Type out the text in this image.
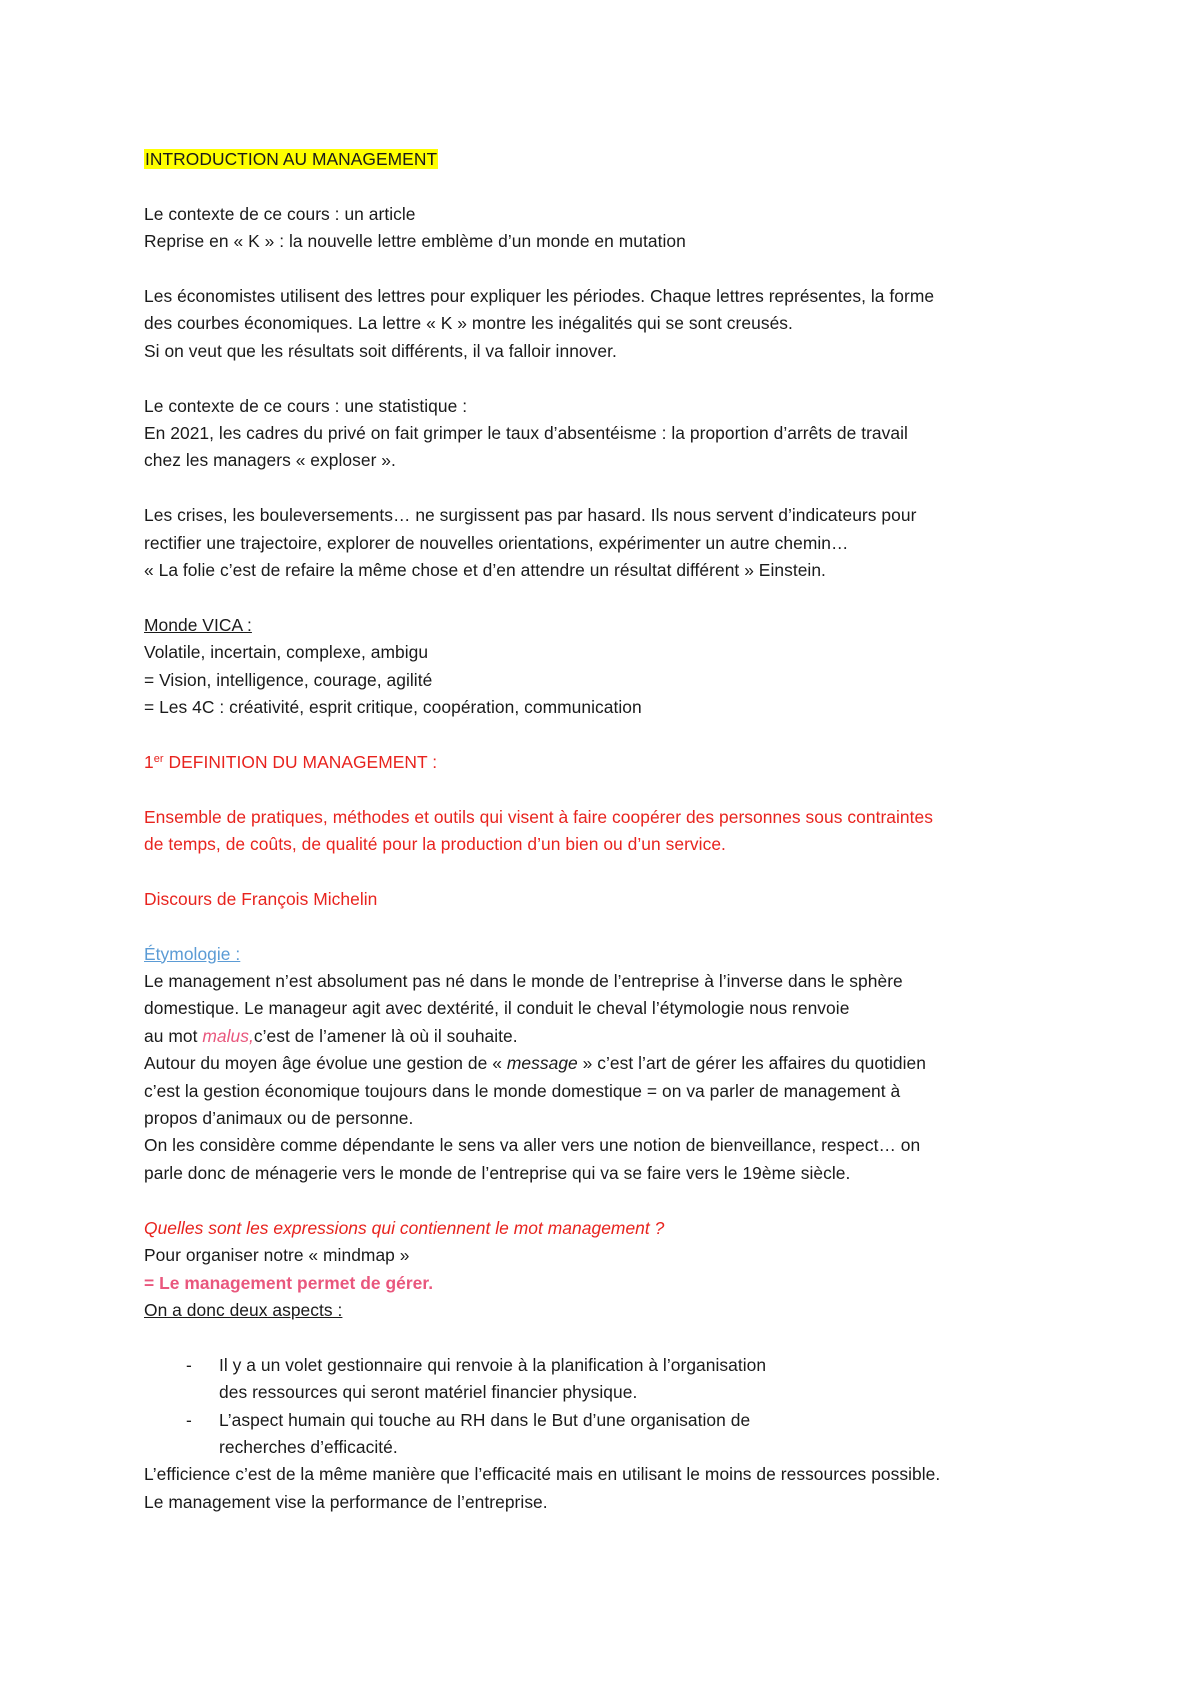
INTRODUCTION AU MANAGEMENT

Le contexte de ce cours : un article

Reprise en « K » : la nouvelle lettre emblème d’un monde en mutation

Les économistes utilisent des lettres pour expliquer les périodes. Chaque lettres représentes, la forme

des courbes économiques. La lettre « K » montre les inégalités qui se sont creusés.

Si on veut que les résultats soit différents, il va falloir innover.

Le contexte de ce cours : une statistique :

En 2021, les cadres du privé on fait grimper le taux d’absentéisme : la proportion d’arrêts de travail

chez les managers « exploser ».

Les crises, les bouleversements… ne surgissent pas par hasard. Ils nous servent d’indicateurs pour

rectifier une trajectoire, explorer de nouvelles orientations, expérimenter un autre chemin…

« La folie c’est de refaire la même chose et d’en attendre un résultat différent » Einstein.

Monde VICA :

Volatile, incertain, complexe, ambigu

= Vision, intelligence, courage, agilité

= Les 4C : créativité, esprit critique, coopération, communication

1er DEFINITION DU MANAGEMENT :

Ensemble de pratiques, méthodes et outils qui visent à faire coopérer des personnes sous contraintes

de temps, de coûts, de qualité pour la production d’un bien ou d’un service.

Discours de François Michelin

Étymologie :

Le management n’est absolument pas né dans le monde de l’entreprise à l’inverse dans le sphère

domestique. Le manageur agit avec dextérité, il conduit le cheval l’étymologie nous renvoie

au mot malus,c’est de l’amener là où il souhaite.

Autour du moyen âge évolue une gestion de « message » c’est l’art de gérer les affaires du quotidien

c’est la gestion économique toujours dans le monde domestique = on va parler de management à

propos d’animaux ou de personne.

On les considère comme dépendante le sens va aller vers une notion de bienveillance, respect… on

parle donc de ménagerie vers le monde de l’entreprise qui va se faire vers le 19ème siècle.

Quelles sont les expressions qui contiennent le mot management ?

Pour organiser notre « mindmap »

= Le management permet de gérer.

On a donc deux aspects :

- Il y a un volet gestionnaire qui renvoie à la planification à l’organisation

des ressources qui seront matériel financier physique.

- L’aspect humain qui touche au RH dans le But d’une organisation de

recherches d’efficacité.

L’efficience c’est de la même manière que l’efficacité mais en utilisant le moins de ressources possible.

Le management vise la performance de l’entreprise.
